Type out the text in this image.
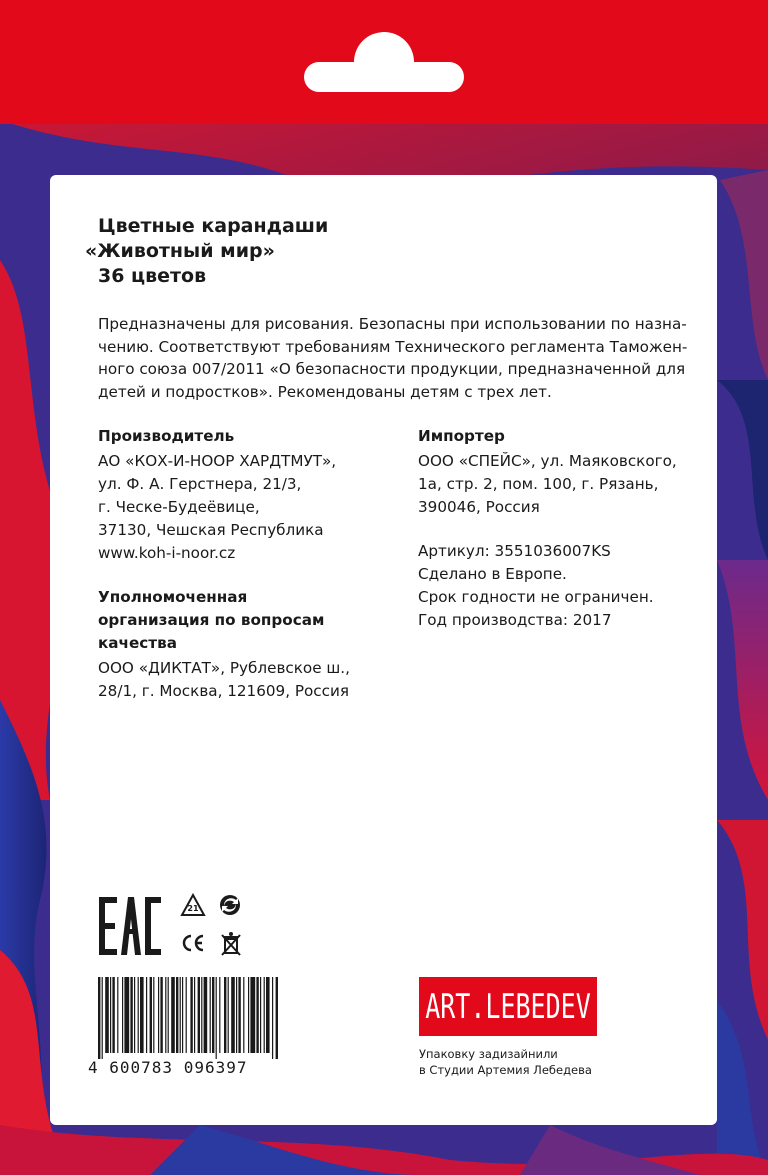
Цветные карандаши
«Животный мир»
36 цветов
Предназначены для рисования. Безопасны при использовании по назна-
чению. Соответствуют требованиям Технического регламента Таможен-
ного союза 007/2011 «О безопасности продукции, предназначенной для
детей и подростков». Рекомендованы детям с трех лет.
Производитель
АО «КОХ-И-НООР ХАРДТМУТ»,
ул. Ф. А. Герстнера, 21/3,
г. Ческе-Будеёвице,
37130, Чешская Республика
www.koh-i-noor.cz
Импортер
ООО «СПЕЙС», ул. Маяковского,
1а, стр. 2, пом. 100, г. Рязань,
390046, Россия
Артикул: 3551036007KS
Сделано в Европе.
Срок годности не ограничен.
Год производства: 2017
Уполномоченная
организация по вопросам
качества
ООО «ДИКТАТ», Рублевское ш.,
28/1, г. Москва, 121609, Россия
21
4 600783 096397
ART.LEBEDEV
Упаковку задизайнили
в Студии Артемия Лебедева
